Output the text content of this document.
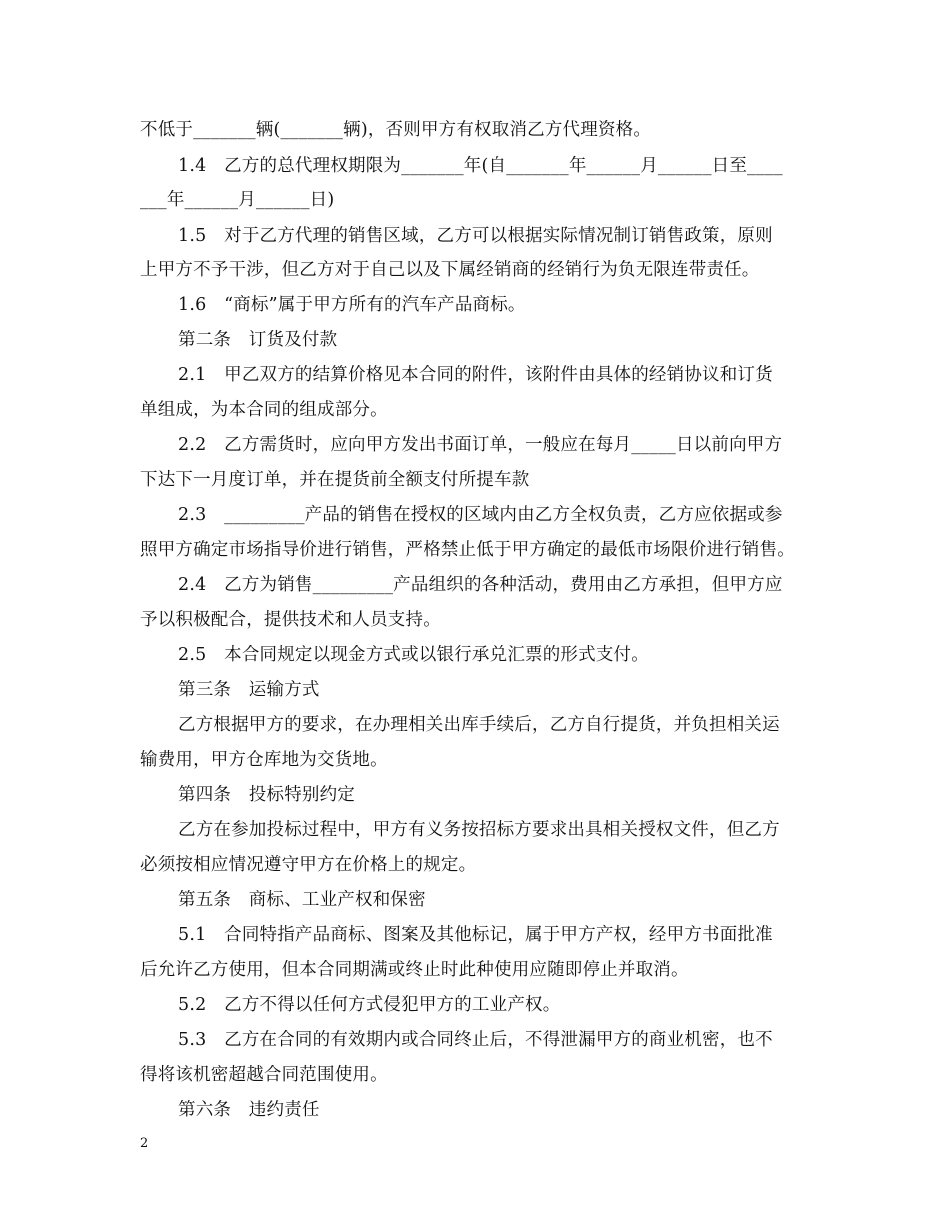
不低于_______辆(_______辆)，否则甲方有权取消乙方代理资格。
1.4　乙方的总代理权期限为_______年(自_______年______月______日至____
___年______月______日)
1.5　对于乙方代理的销售区域，乙方可以根据实际情况制订销售政策，原则
上甲方不予干涉，但乙方对于自己以及下属经销商的经销行为负无限连带责任。
1.6　“商标”属于甲方所有的汽车产品商标。
第二条　订货及付款
2.1　甲乙双方的结算价格见本合同的附件，该附件由具体的经销协议和订货
单组成，为本合同的组成部分。
2.2　乙方需货时，应向甲方发出书面订单，一般应在每月_____日以前向甲方
下达下一月度订单，并在提货前全额支付所提车款
2.3　_________产品的销售在授权的区域内由乙方全权负责，乙方应依据或参
照甲方确定市场指导价进行销售，严格禁止低于甲方确定的最低市场限价进行销售。
2.4　乙方为销售_________产品组织的各种活动，费用由乙方承担，但甲方应
予以积极配合，提供技术和人员支持。
2.5　本合同规定以现金方式或以银行承兑汇票的形式支付。
第三条　运输方式
乙方根据甲方的要求，在办理相关出库手续后，乙方自行提货，并负担相关运
输费用，甲方仓库地为交货地。
第四条　投标特别约定
乙方在参加投标过程中，甲方有义务按招标方要求出具相关授权文件，但乙方
必须按相应情况遵守甲方在价格上的规定。
第五条　商标、工业产权和保密
5.1　合同特指产品商标、图案及其他标记，属于甲方产权，经甲方书面批准
后允许乙方使用，但本合同期满或终止时此种使用应随即停止并取消。
5.2　乙方不得以任何方式侵犯甲方的工业产权。
5.3　乙方在合同的有效期内或合同终止后，不得泄漏甲方的商业机密，也不
得将该机密超越合同范围使用。
第六条　违约责任
2
